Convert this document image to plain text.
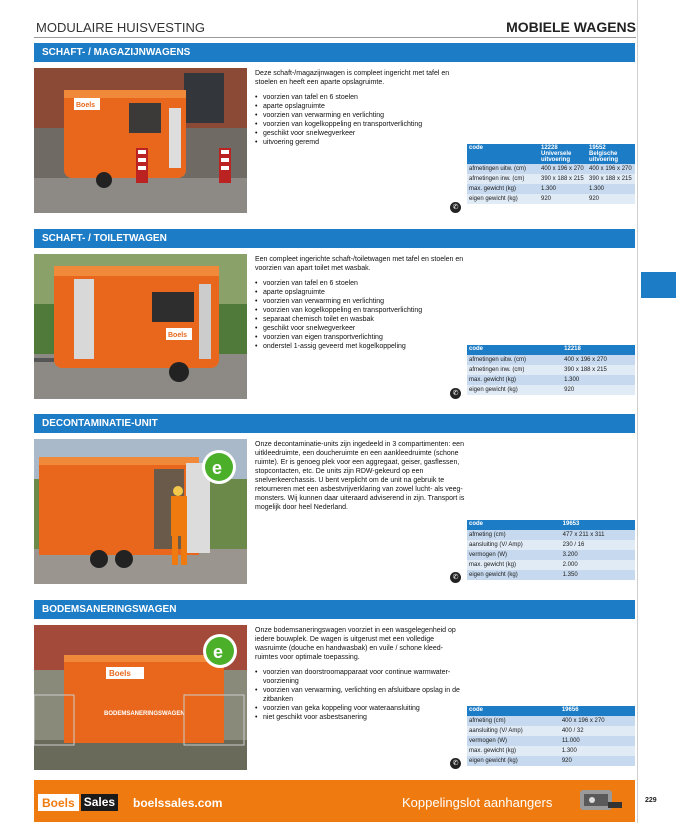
MODULAIRE HUISVESTING	MOBIELE WAGENS
SCHAFT- / MAGAZIJNWAGENS
Boels

Deze schaft-/magazijnwagen is compleet ingericht met tafel en stoelen en heeft een aparte opslagruimte.

• voorzien van tafel en 6 stoelen
• aparte opslagruimte
• voorzien van verwarming en verlichting
• voorzien van kogelkoppeling en transportverlichting
• geschikt voor snelwegverkeer
• uitvoering geremd
code	12228 Universele uitvoering	19552 Belgische uitvoering
afmetingen uitw. (cm)	400 x 196 x 270	400 x 196 x 270
afmetingen inw. (cm)	390 x 188 x 215	390 x 188 x 215
max. gewicht (kg)	1.300	1.300
eigen gewicht (kg)	920	920
✆
SCHAFT- / TOILETWAGEN
Boels

Een compleet ingerichte schaft-/toiletwagen met tafel en stoelen en voorzien van apart toilet met wasbak.

• voorzien van tafel en 6 stoelen
• aparte opslagruimte
• voorzien van verwarming en verlichting
• voorzien van kogelkoppeling en transportverlichting
• separaat chemisch toilet en wasbak
• geschikt voor snelwegverkeer
• voorzien van eigen transportverlichting
• onderstel 1-assig geveerd met kogelkoppeling	code	12218
afmetingen uitw. (cm)	400 x 196 x 270
afmetingen inw. (cm)	390 x 188 x 215
max. gewicht (kg)	1.300
eigen gewicht (kg)	920
✆
DECONTAMINATIE-UNIT
e

Onze decontaminatie-units zijn ingedeeld in 3 compartimenten: een uitkleedruimte, een doucheruimte en een aankleedruimte (schone ruimte). Er is genoeg plek voor een aggregaat, geiser, gasflessen, stopcontacten, etc. De units zijn RDW-gekeurd op een snelverkeerchassis. U bent verplicht om de unit na gebruik te retourneren met een asbestvrijverklaring van zowel lucht- als veeg-monsters. Wij kunnen daar uiteraard adviserend in zijn. Transport is mogelijk door heel Nederland.

code	19653
afmeting (cm)	477 x 211 x 311
aansluiting (V/ Amp)	230 / 16
vermogen (W)	3.200
max. gewicht (kg)	2.000
eigen gewicht (kg)	1.350
✆
BODEMSANERINGSWAGEN
Boels
BODEMSANERINGSWAGEN
e

Onze bodemsaneringswagen voorziet in een wasgelegenheid op iedere bouwplek. De wagen is uitgerust met een volledige wasruimte (douche en handwasbak) en vuile / schone kleed-ruimtes voor optimale toepassing.

• voorzien van doorstroomapparaat voor continue warmwater-voorziening
• voorzien van verwarming, verlichting en afsluitbare opslag in de zitbanken
• voorzien van geka koppeling voor wateraansluiting
• niet geschikt voor asbestsanering
code	19656
afmeting (cm)	400 x 196 x 270
aansluiting (V/ Amp)	400 / 32
vermogen (W)	11.000
max. gewicht (kg)	1.300
eigen gewicht (kg)	920
✆
Boels Sales boelssales.com	Koppelingslot aanhangers	229
